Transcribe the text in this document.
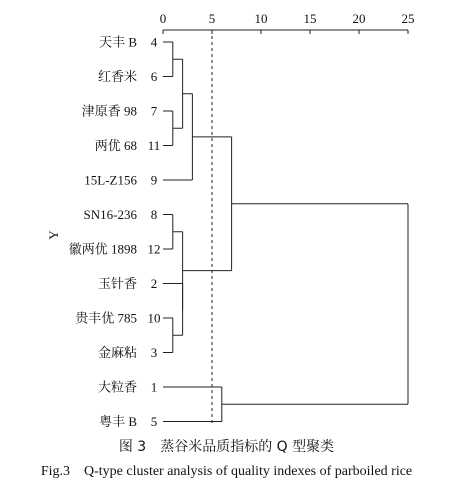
0	5	10	15	20	25
Y
天丰 B 4
红香米 6
津原香 98 7
两优 68 11
15L-Z156 9
SN16-236 8
徽两优 1898 12
玉针香 2
贵丰优 785 10
金麻粘 3
大粒香 1
粤丰 B 5
图 3　蒸谷米品质指标的 Q 型聚类
Fig.3　Q-type cluster analysis of quality indexes of parboiled rice
